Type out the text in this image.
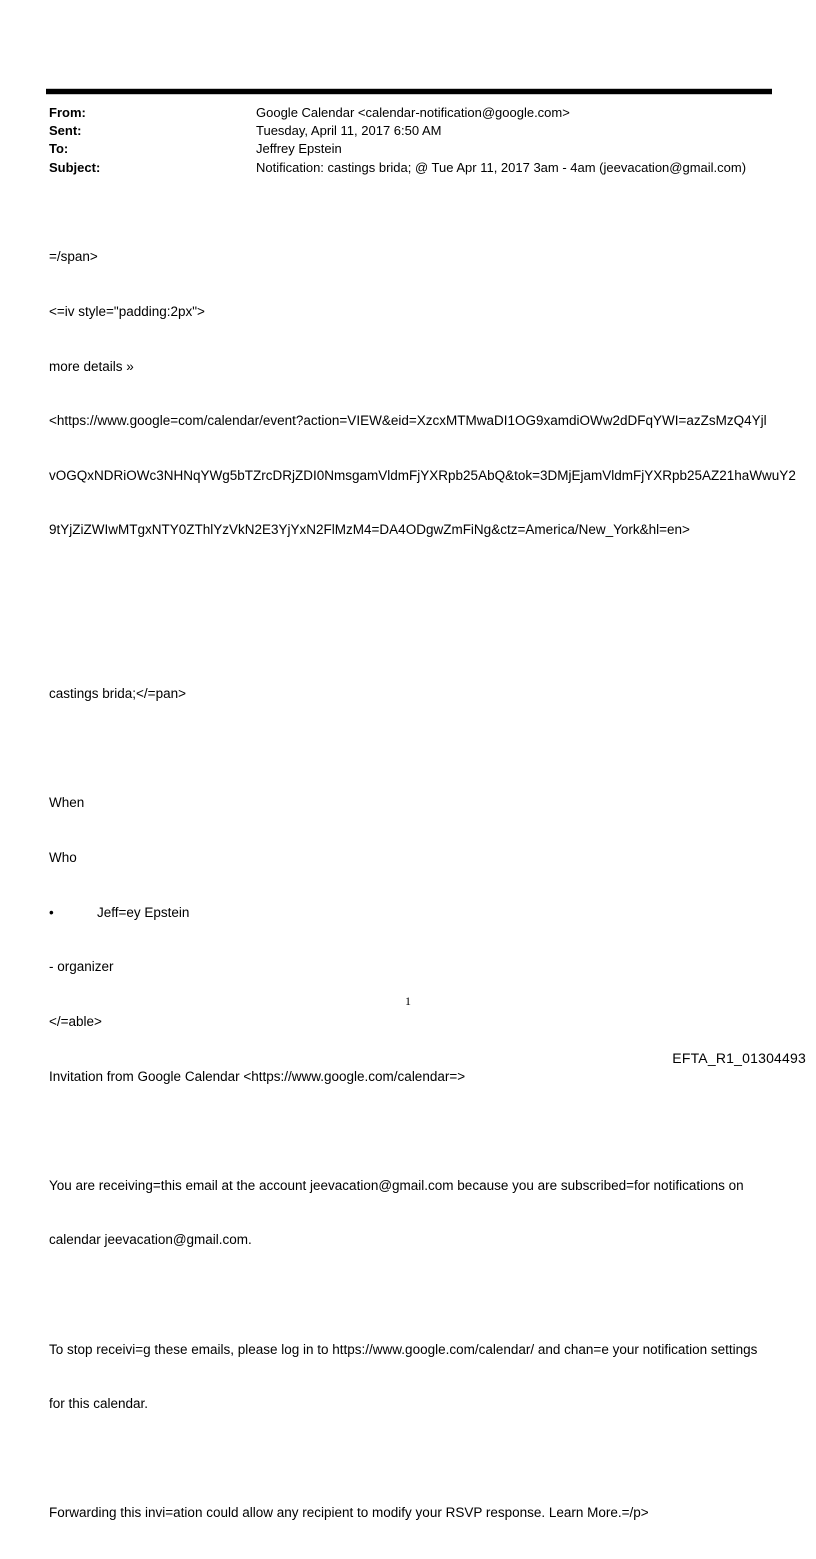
From:	Google Calendar <calendar-notification@google.com>
Sent:	Tuesday, April 11, 2017 6:50 AM
To:	Jeffrey Epstein
Subject:	Notification: castings brida; @ Tue Apr 11, 2017 3am - 4am (jeevacation@gmail.com)

=/span>

<=iv style="padding:2px">

more details »

<https://www.google=com/calendar/event?action=VIEW&eid=XzcxMTMwaDI1OG9xamdiOWw2dDFqYWI=azZsMzQ4Yjl

vOGQxNDRiOWc3NHNqYWg5bTZrcDRjZDI0NmsgamVldmFjYXRpb25AbQ&tok=3DMjEjamVldmFjYXRpb25AZ21haWwuY2

9tYjZiZWIwMTgxNTY0ZThlYzVkN2E3YjYxN2FlMzM4=DA4ODgwZmFiNg&ctz=America/New_York&hl=en>

castings brida;</=pan>

When

Who

•	Jeff=ey Epstein

- organizer

</=able>

Invitation from Google Calendar <https://www.google.com/calendar=>

You are receiving=this email at the account jeevacation@gmail.com because you are subscribed=for notifications on

calendar jeevacation@gmail.com.

To stop receivi=g these emails, please log in to https://www.google.com/calendar/ and chan=e your notification settings

for this calendar.

Forwarding this invi=ation could allow any recipient to modify your RSVP response. Learn More.=/p>

1
EFTA_R1_01304493
